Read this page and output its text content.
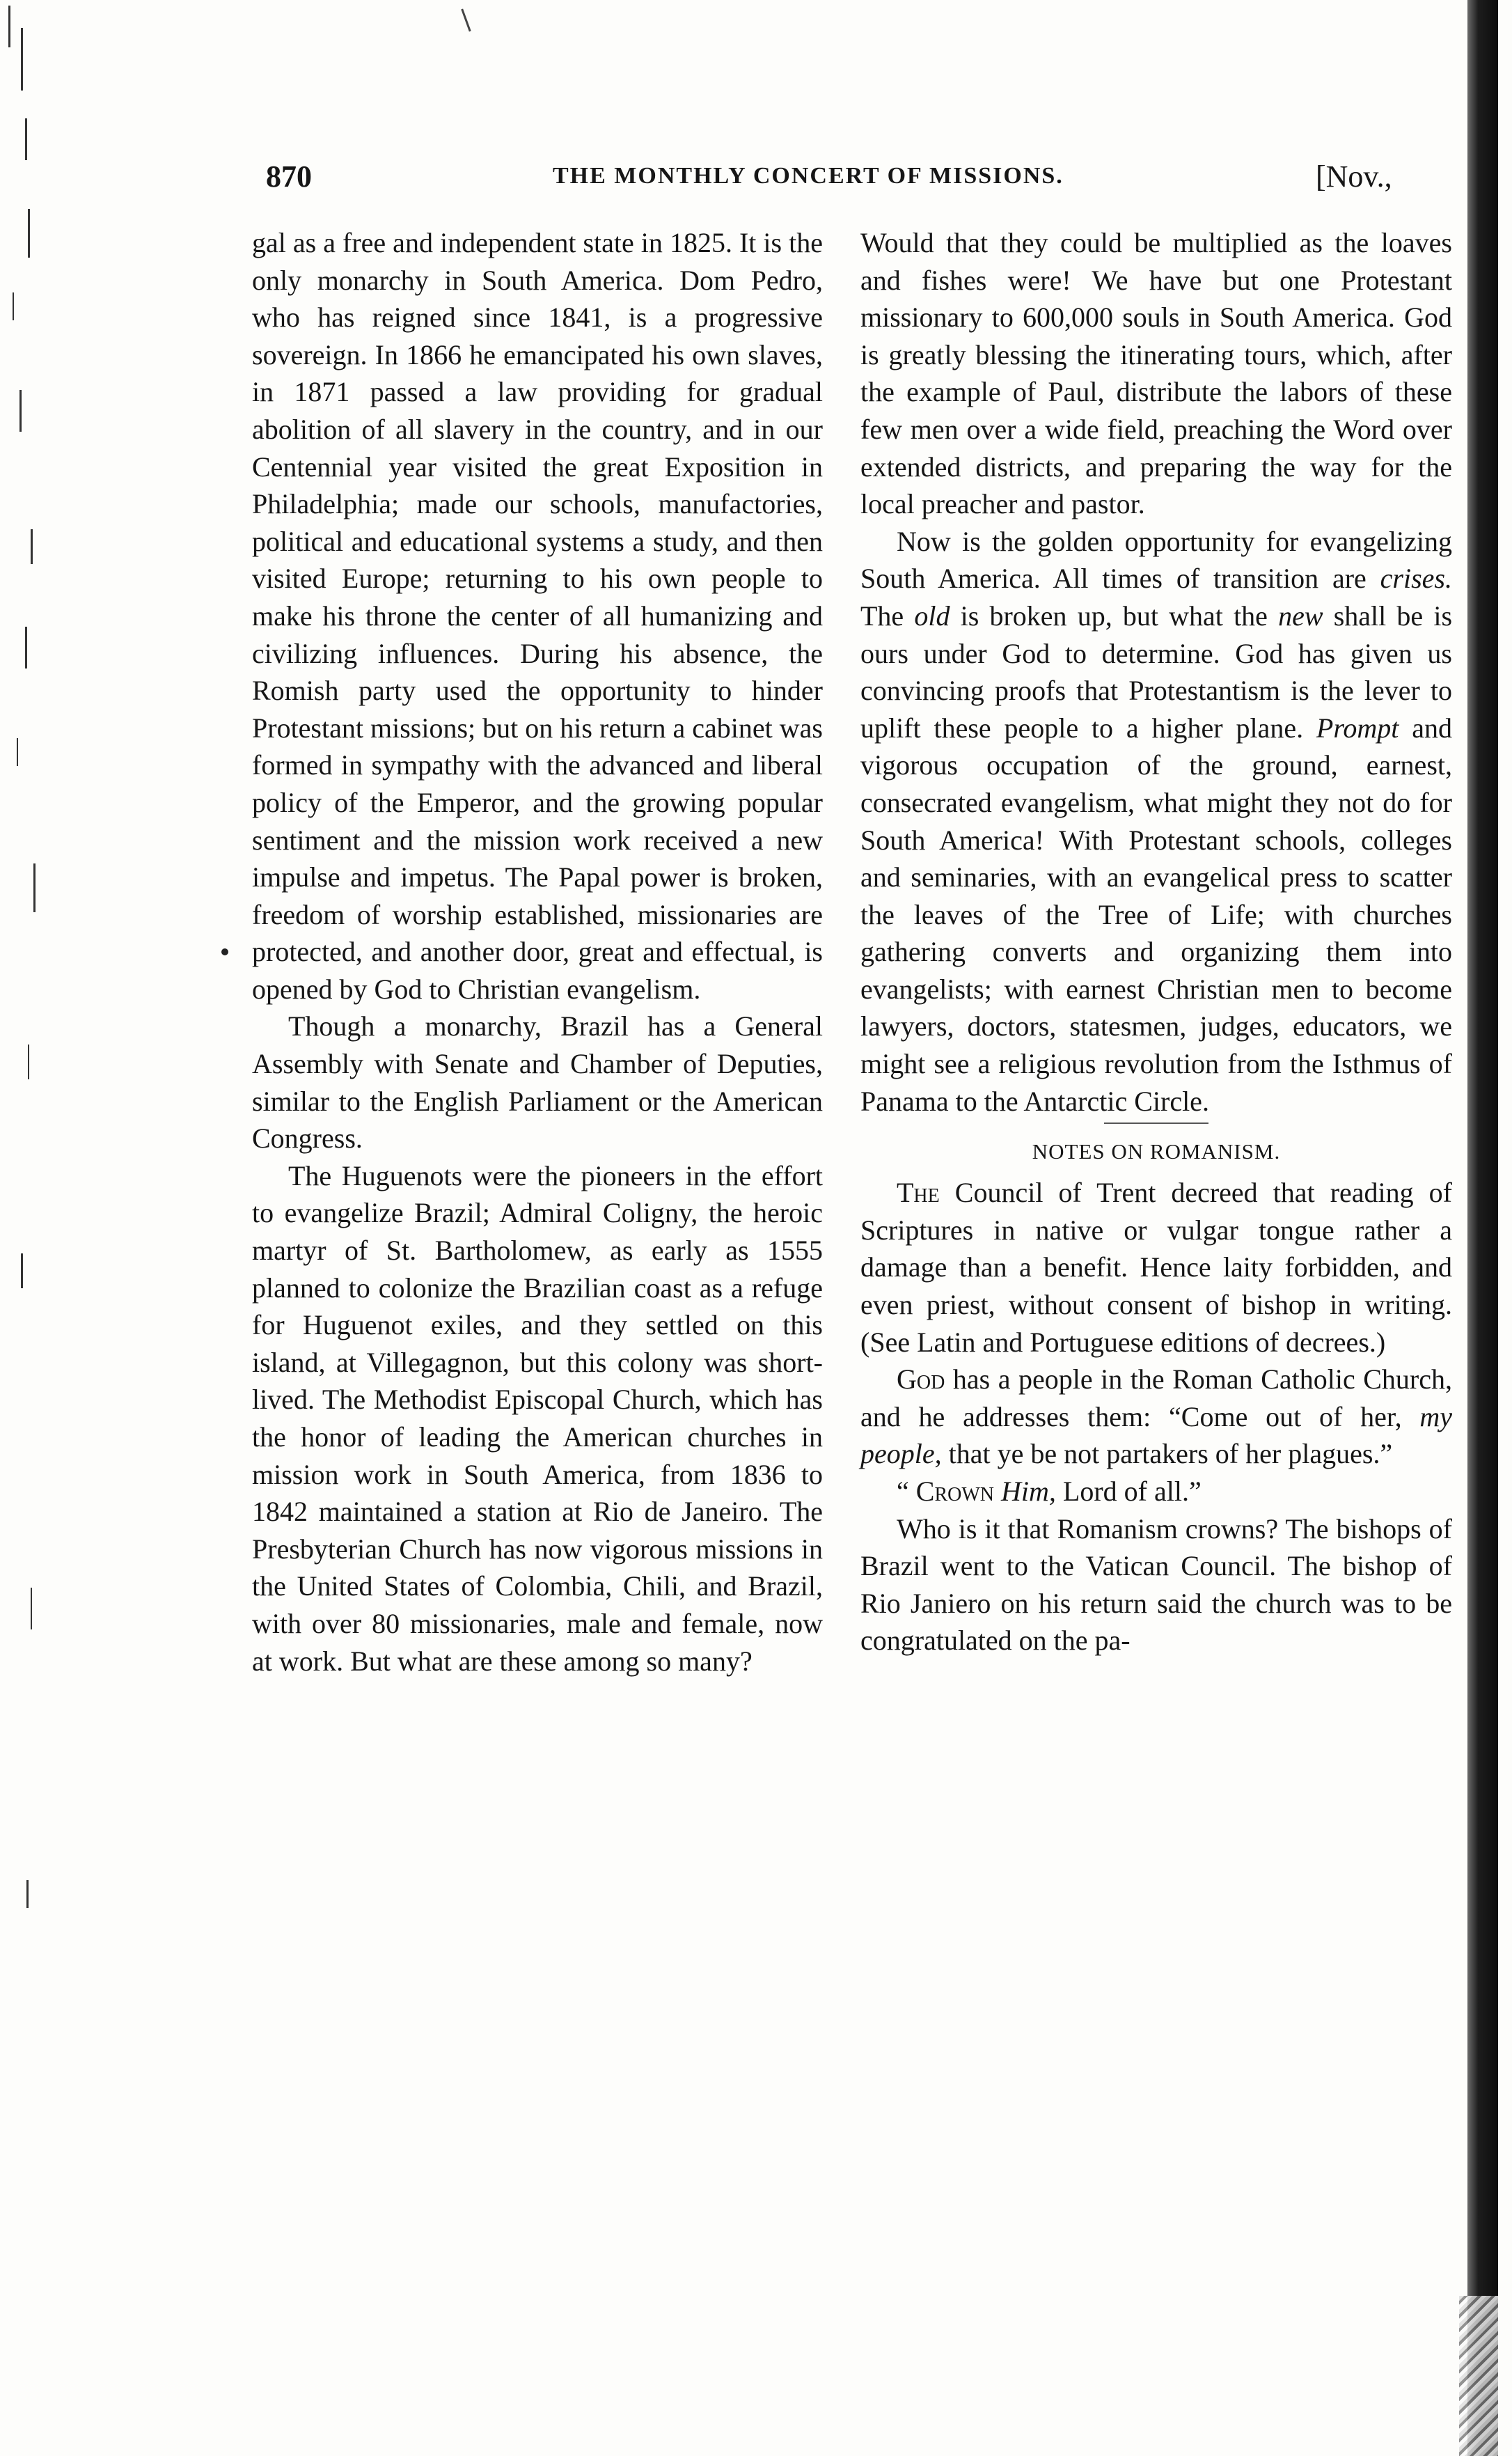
870	THE MONTHLY CONCERT OF MISSIONS.	[Nov.,

gal as a free and independent state in 1825. It is the only monarchy in South America. Dom Pedro, who has reigned since 1841, is a progressive sovereign. In 1866 he emancipated his own slaves, in 1871 passed a law providing for gradual abolition of all slavery in the country, and in our Centennial year visited the great Exposition in Philadelphia; made our schools, manufactories, political and educational systems a study, and then visited Europe; returning to his own people to make his throne the center of all humanizing and civilizing influences. During his absence, the Romish party used the opportunity to hinder Protestant missions; but on his return a cabinet was formed in sympathy with the advanced and liberal policy of the Emperor, and the growing popular sentiment and the mission work received a new impulse and impetus. The Papal power is broken, freedom of worship established, missionaries are protected, and another door, great and effectual, is opened by God to Christian evangelism.

Though a monarchy, Brazil has a General Assembly with Senate and Chamber of Deputies, similar to the English Parliament or the American Congress.

The Huguenots were the pioneers in the effort to evangelize Brazil; Admiral Coligny, the heroic martyr of St. Bartholomew, as early as 1555 planned to colonize the Brazilian coast as a refuge for Huguenot exiles, and they settled on this island, at Villegagnon, but this colony was short-lived. The Methodist Episcopal Church, which has the honor of leading the American churches in mission work in South America, from 1836 to 1842 maintained a station at Rio de Janeiro. The Presbyterian Church has now vigorous missions in the United States of Colombia, Chili, and Brazil, with over 80 missionaries, male and female, now at work. But what are these among so many?

Would that they could be multiplied as the loaves and fishes were! We have but one Protestant missionary to 600,000 souls in South America. God is greatly blessing the itinerating tours, which, after the example of Paul, distribute the labors of these few men over a wide field, preaching the Word over extended districts, and preparing the way for the local preacher and pastor.

Now is the golden opportunity for evangelizing South America. All times of transition are crises. The old is broken up, but what the new shall be is ours under God to determine. God has given us convincing proofs that Protestantism is the lever to uplift these people to a higher plane. Prompt and vigorous occupation of the ground, earnest, consecrated evangelism, what might they not do for South America! With Protestant schools, colleges and seminaries, with an evangelical press to scatter the leaves of the Tree of Life; with churches gathering converts and organizing them into evangelists; with earnest Christian men to become lawyers, doctors, statesmen, judges, educators, we might see a religious revolution from the Isthmus of Panama to the Antarctic Circle.

NOTES ON ROMANISM.

The Council of Trent decreed that reading of Scriptures in native or vulgar tongue rather a damage than a benefit. Hence laity forbidden, and even priest, without consent of bishop in writing. (See Latin and Portuguese editions of decrees.)

God has a people in the Roman Catholic Church, and he addresses them: “Come out of her, my people, that ye be not partakers of her plagues.”

“ Crown Him, Lord of all.”

Who is it that Romanism crowns? The bishops of Brazil went to the Vatican Council. The bishop of Rio Janiero on his return said the church was to be congratulated on the pa-
